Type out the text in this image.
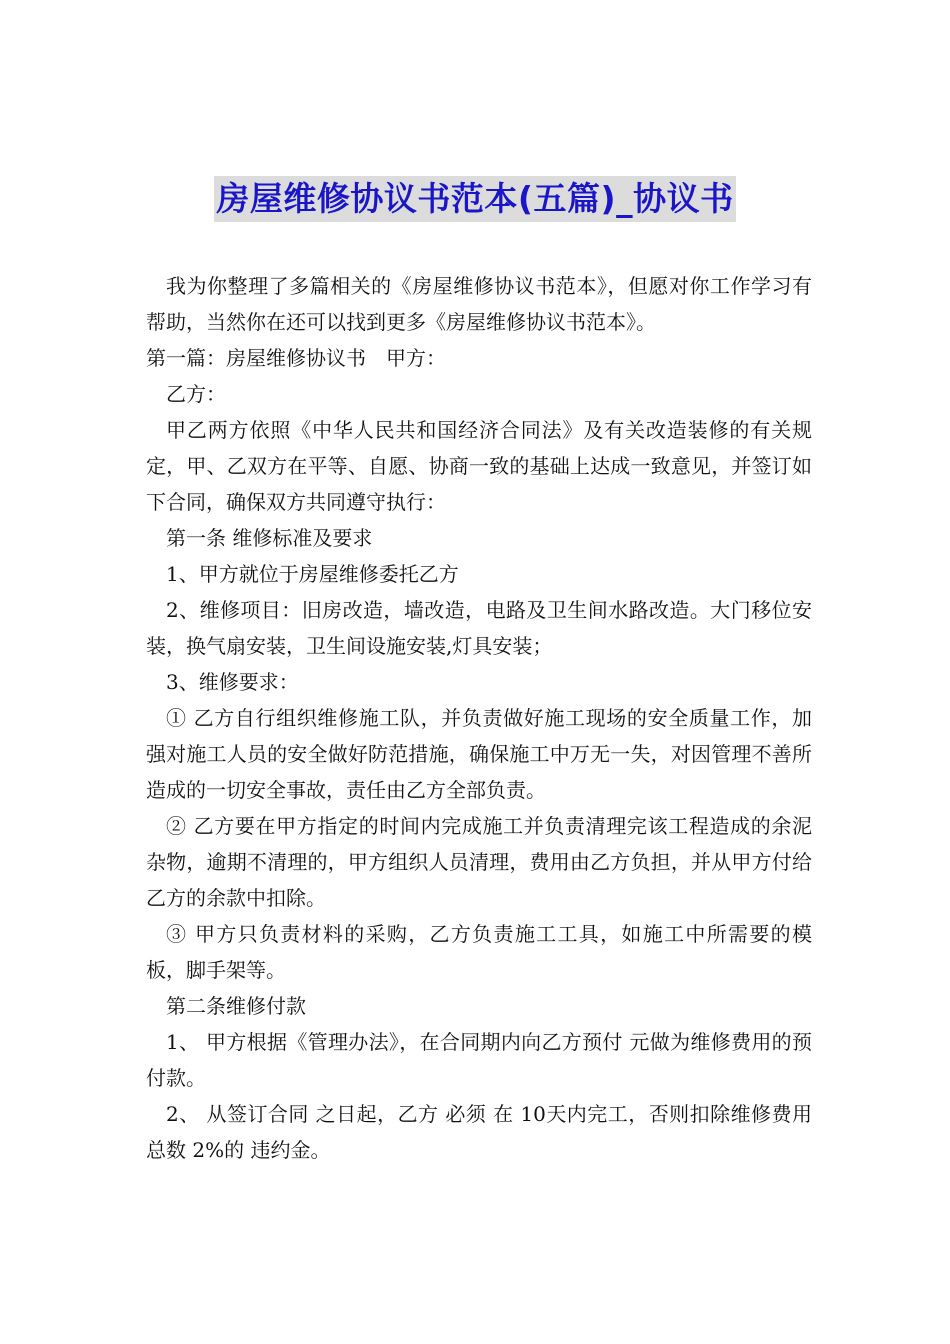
房屋维修协议书范本(五篇)_协议书

我为你整理了多篇相关的《房屋维修协议书范本》，但愿对你工作学习有帮助，当然你在还可以找到更多《房屋维修协议书范本》。

第一篇：房屋维修协议书　甲方：

乙方：

甲乙两方依照《中华人民共和国经济合同法》及有关改造装修的有关规定，甲、乙双方在平等、自愿、协商一致的基础上达成一致意见，并签订如下合同，确保双方共同遵守执行：

第一条 维修标准及要求

1、甲方就位于房屋维修委托乙方

2、维修项目：旧房改造，墙改造，电路及卫生间水路改造。大门移位安装，换气扇安装，卫生间设施安装,灯具安装；

3、维修要求：

① 乙方自行组织维修施工队，并负责做好施工现场的安全质量工作，加强对施工人员的安全做好防范措施，确保施工中万无一失，对因管理不善所造成的一切安全事故，责任由乙方全部负责。

② 乙方要在甲方指定的时间内完成施工并负责清理完该工程造成的余泥杂物，逾期不清理的，甲方组织人员清理，费用由乙方负担，并从甲方付给乙方的余款中扣除。

③ 甲方只负责材料的采购，乙方负责施工工具，如施工中所需要的模板，脚手架等。

第二条维修付款

1、 甲方根据《管理办法》，在合同期内向乙方预付 元做为维修费用的预付款。

2、 从签订合同 之日起，乙方 必须 在 10天内完工，否则扣除维修费用总数 2%的 违约金。
